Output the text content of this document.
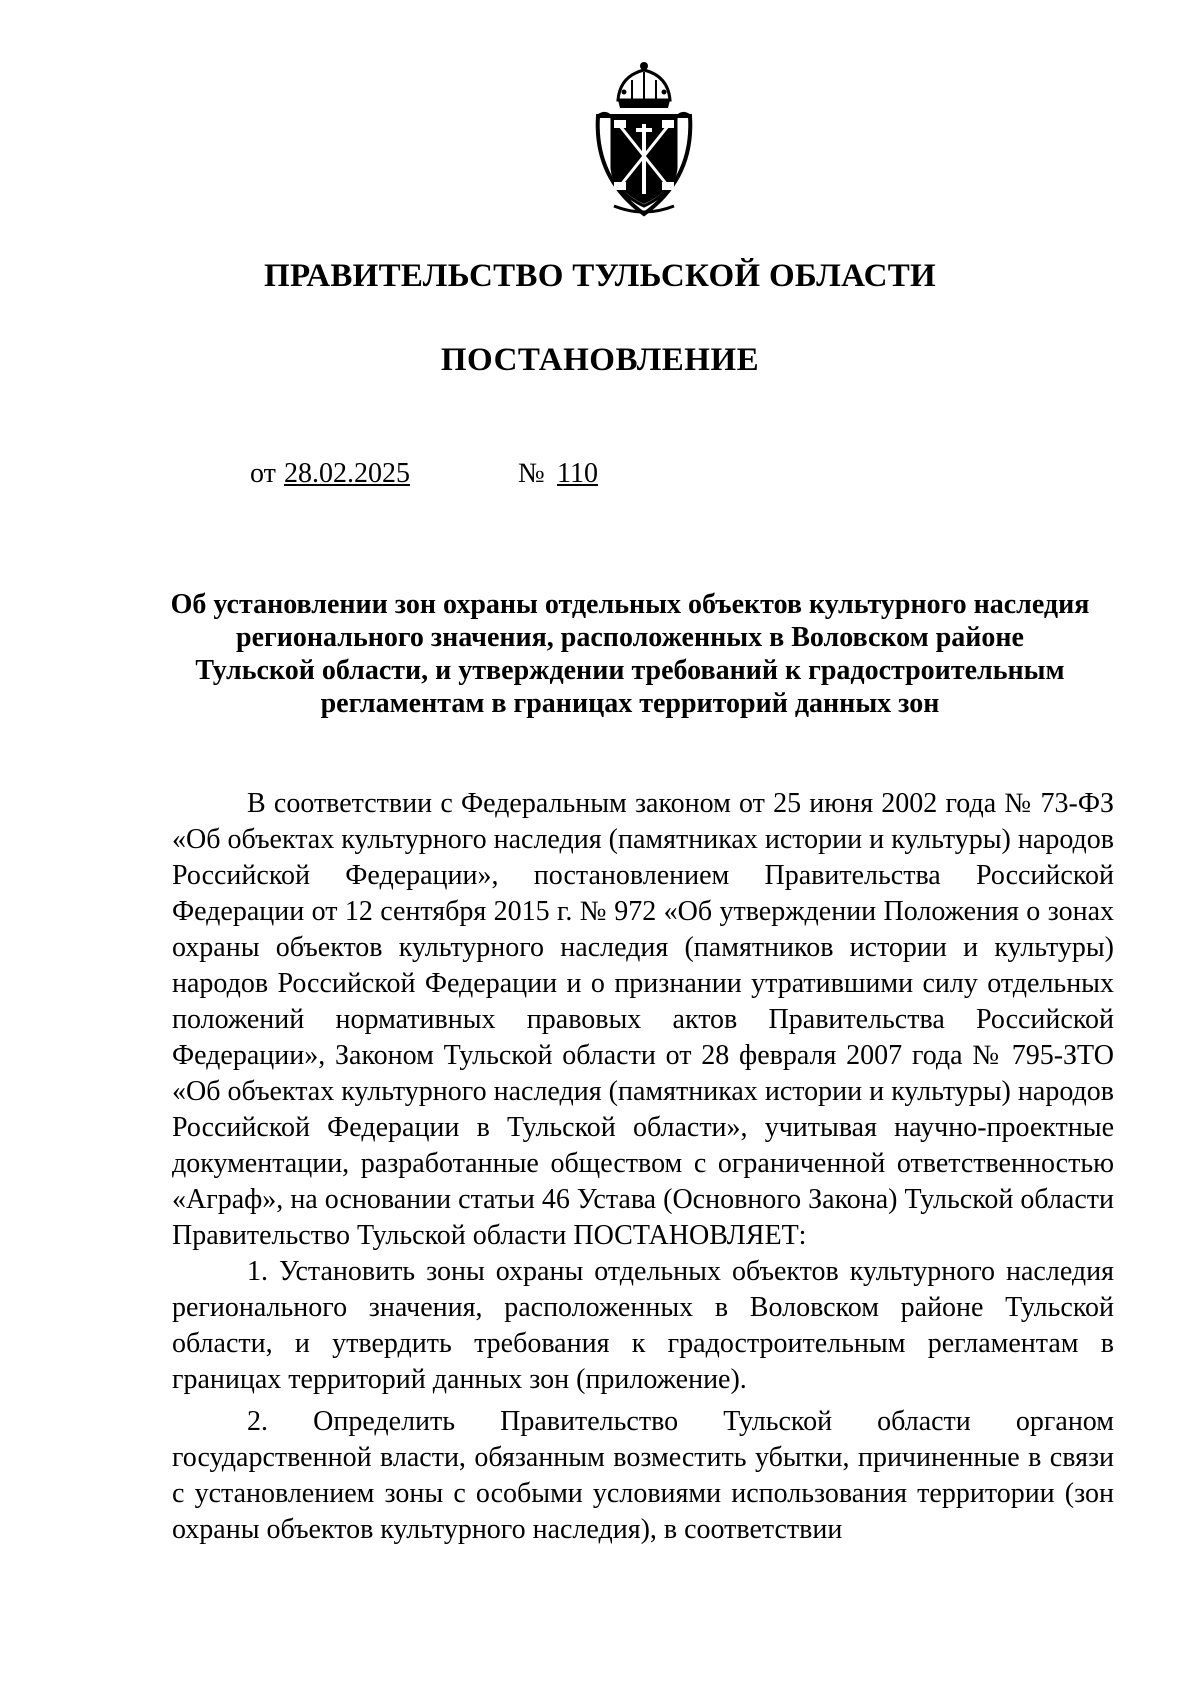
ПРАВИТЕЛЬСТВО ТУЛЬСКОЙ ОБЛАСТИ
ПОСТАНОВЛЕНИЕ
от 28.02.2025	№ 110
Об установлении зон охраны отдельных объектов культурного наследия
регионального значения, расположенных в Воловском районе
Тульской области, и утверждении требований к градостроительным
регламентам в границах территорий данных зон

В соответствии с Федеральным законом от 25 июня 2002 года № 73-ФЗ «Об объектах культурного наследия (памятниках истории и культуры) народов Российской Федерации», постановлением Правительства Российской Федерации от 12 сентября 2015 г. № 972 «Об утверждении Положения о зонах охраны объектов культурного наследия (памятников истории и культуры) народов Российской Федерации и о признании утратившими силу отдельных положений нормативных правовых актов Правительства Российской Федерации», Законом Тульской области от 28 февраля 2007 года № 795-ЗТО «Об объектах культурного наследия (памятниках истории и культуры) народов Российской Федерации в Тульской области», учитывая научно-проектные документации, разработанные обществом с ограниченной ответственностью «Аграф», на основании статьи 46 Устава (Основного Закона) Тульской области Правительство Тульской области ПОСТАНОВЛЯЕТ:

1. Установить зоны охраны отдельных объектов культурного наследия регионального значения, расположенных в Воловском районе Тульской области, и утвердить требования к градостроительным регламентам в границах территорий данных зон (приложение).

2. Определить Правительство Тульской области органом государственной власти, обязанным возместить убытки, причиненные в связи с установлением зоны с особыми условиями использования территории (зон охраны объектов культурного наследия), в соответствии
